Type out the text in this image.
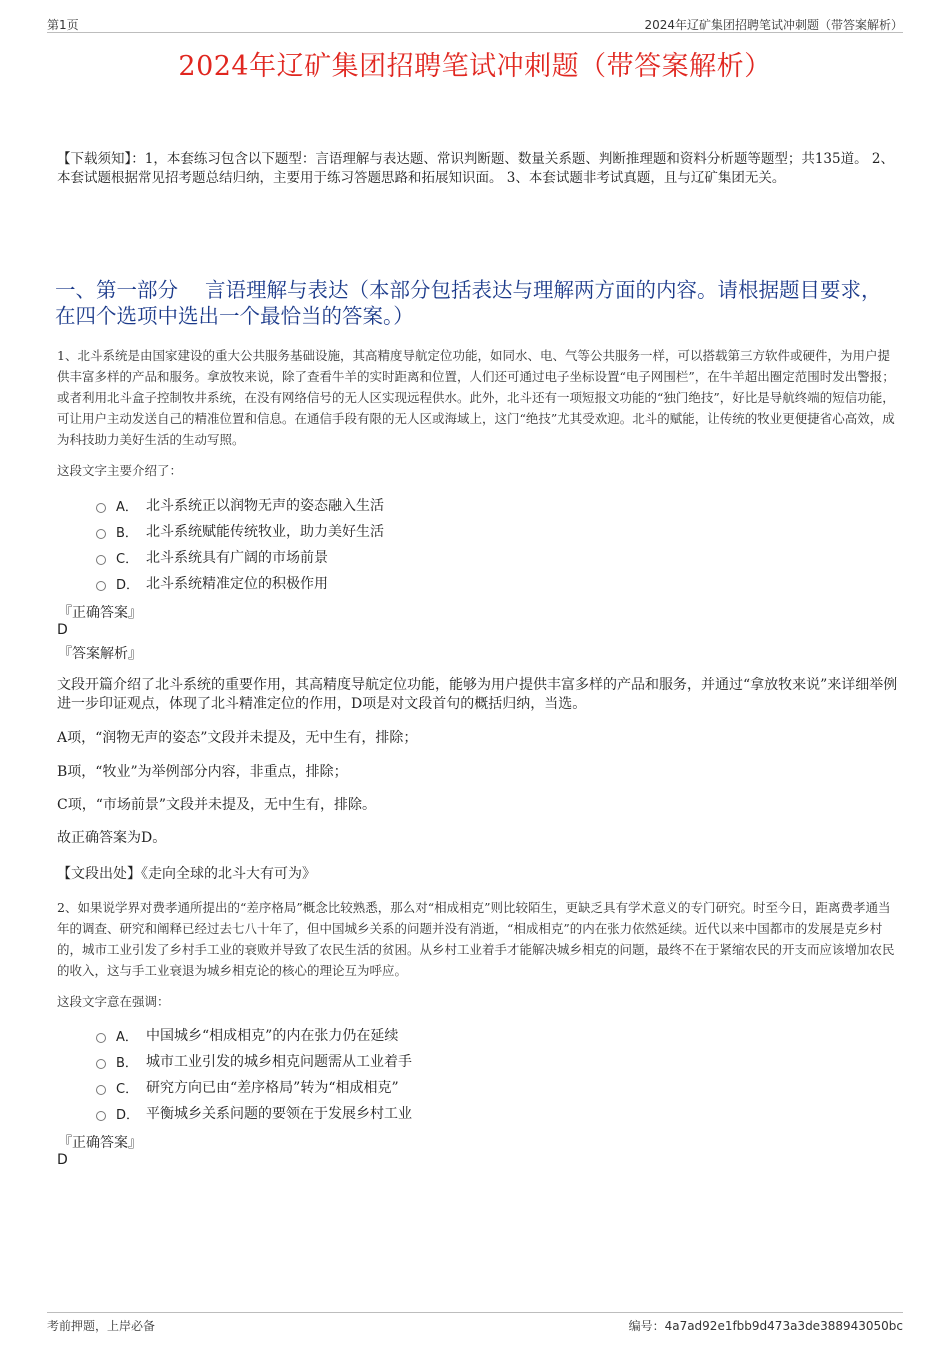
第1页	2024年辽矿集团招聘笔试冲刺题（带答案解析）
2024年辽矿集团招聘笔试冲刺题（带答案解析）
【下载须知】：1，本套练习包含以下题型：言语理解与表达题、常识判断题、数量关系题、判断推理题和资料分析题等题型；共135道。 2、本套试题根据常见招考题总结归纳，主要用于练习答题思路和拓展知识面。 3、本套试题非考试真题，且与辽矿集团无关。
一、第一部分　 言语理解与表达（本部分包括表达与理解两方面的内容。请根据题目要求，在四个选项中选出一个最恰当的答案。）
1、北斗系统是由国家建设的重大公共服务基础设施，其高精度导航定位功能，如同水、电、气等公共服务一样，可以搭载第三方软件或硬件，为用户提供丰富多样的产品和服务。拿放牧来说，除了查看牛羊的实时距离和位置，人们还可通过电子坐标设置“电子网围栏”，在牛羊超出圈定范围时发出警报；或者利用北斗盒子控制牧井系统，在没有网络信号的无人区实现远程供水。此外，北斗还有一项短报文功能的“独门绝技”，好比是导航终端的短信功能，可让用户主动发送自己的精准位置和信息。在通信手段有限的无人区或海域上，这门“绝技”尤其受欢迎。北斗的赋能，让传统的牧业更便捷省心高效，成为科技助力美好生活的生动写照。
这段文字主要介绍了：
A． 北斗系统正以润物无声的姿态融入生活
B． 北斗系统赋能传统牧业，助力美好生活
C． 北斗系统具有广阔的市场前景
D． 北斗系统精准定位的积极作用
『正确答案』
D
『答案解析』
文段开篇介绍了北斗系统的重要作用，其高精度导航定位功能，能够为用户提供丰富多样的产品和服务，并通过“拿放牧来说”来详细举例进一步印证观点，体现了北斗精准定位的作用，D项是对文段首句的概括归纳，当选。
A项，“润物无声的姿态”文段并未提及，无中生有，排除；
B项，“牧业”为举例部分内容，非重点，排除；
C项，“市场前景”文段并未提及，无中生有，排除。
故正确答案为D。
【文段出处】《走向全球的北斗大有可为》
2、如果说学界对费孝通所提出的“差序格局”概念比较熟悉，那么对“相成相克”则比较陌生，更缺乏具有学术意义的专门研究。时至今日，距离费孝通当年的调查、研究和阐释已经过去七八十年了，但中国城乡关系的问题并没有消逝，“相成相克”的内在张力依然延续。近代以来中国都市的发展是克乡村的，城市工业引发了乡村手工业的衰败并导致了农民生活的贫困。从乡村工业着手才能解决城乡相克的问题，最终不在于紧缩农民的开支而应该增加农民的收入，这与手工业衰退为城乡相克论的核心的理论互为呼应。
这段文字意在强调：
A． 中国城乡“相成相克”的内在张力仍在延续
B． 城市工业引发的城乡相克问题需从工业着手
C． 研究方向已由“差序格局”转为“相成相克”
D． 平衡城乡关系问题的要领在于发展乡村工业
『正确答案』
D
考前押题，上岸必备	编号：4a7ad92e1fbb9d473a3de388943050bc
